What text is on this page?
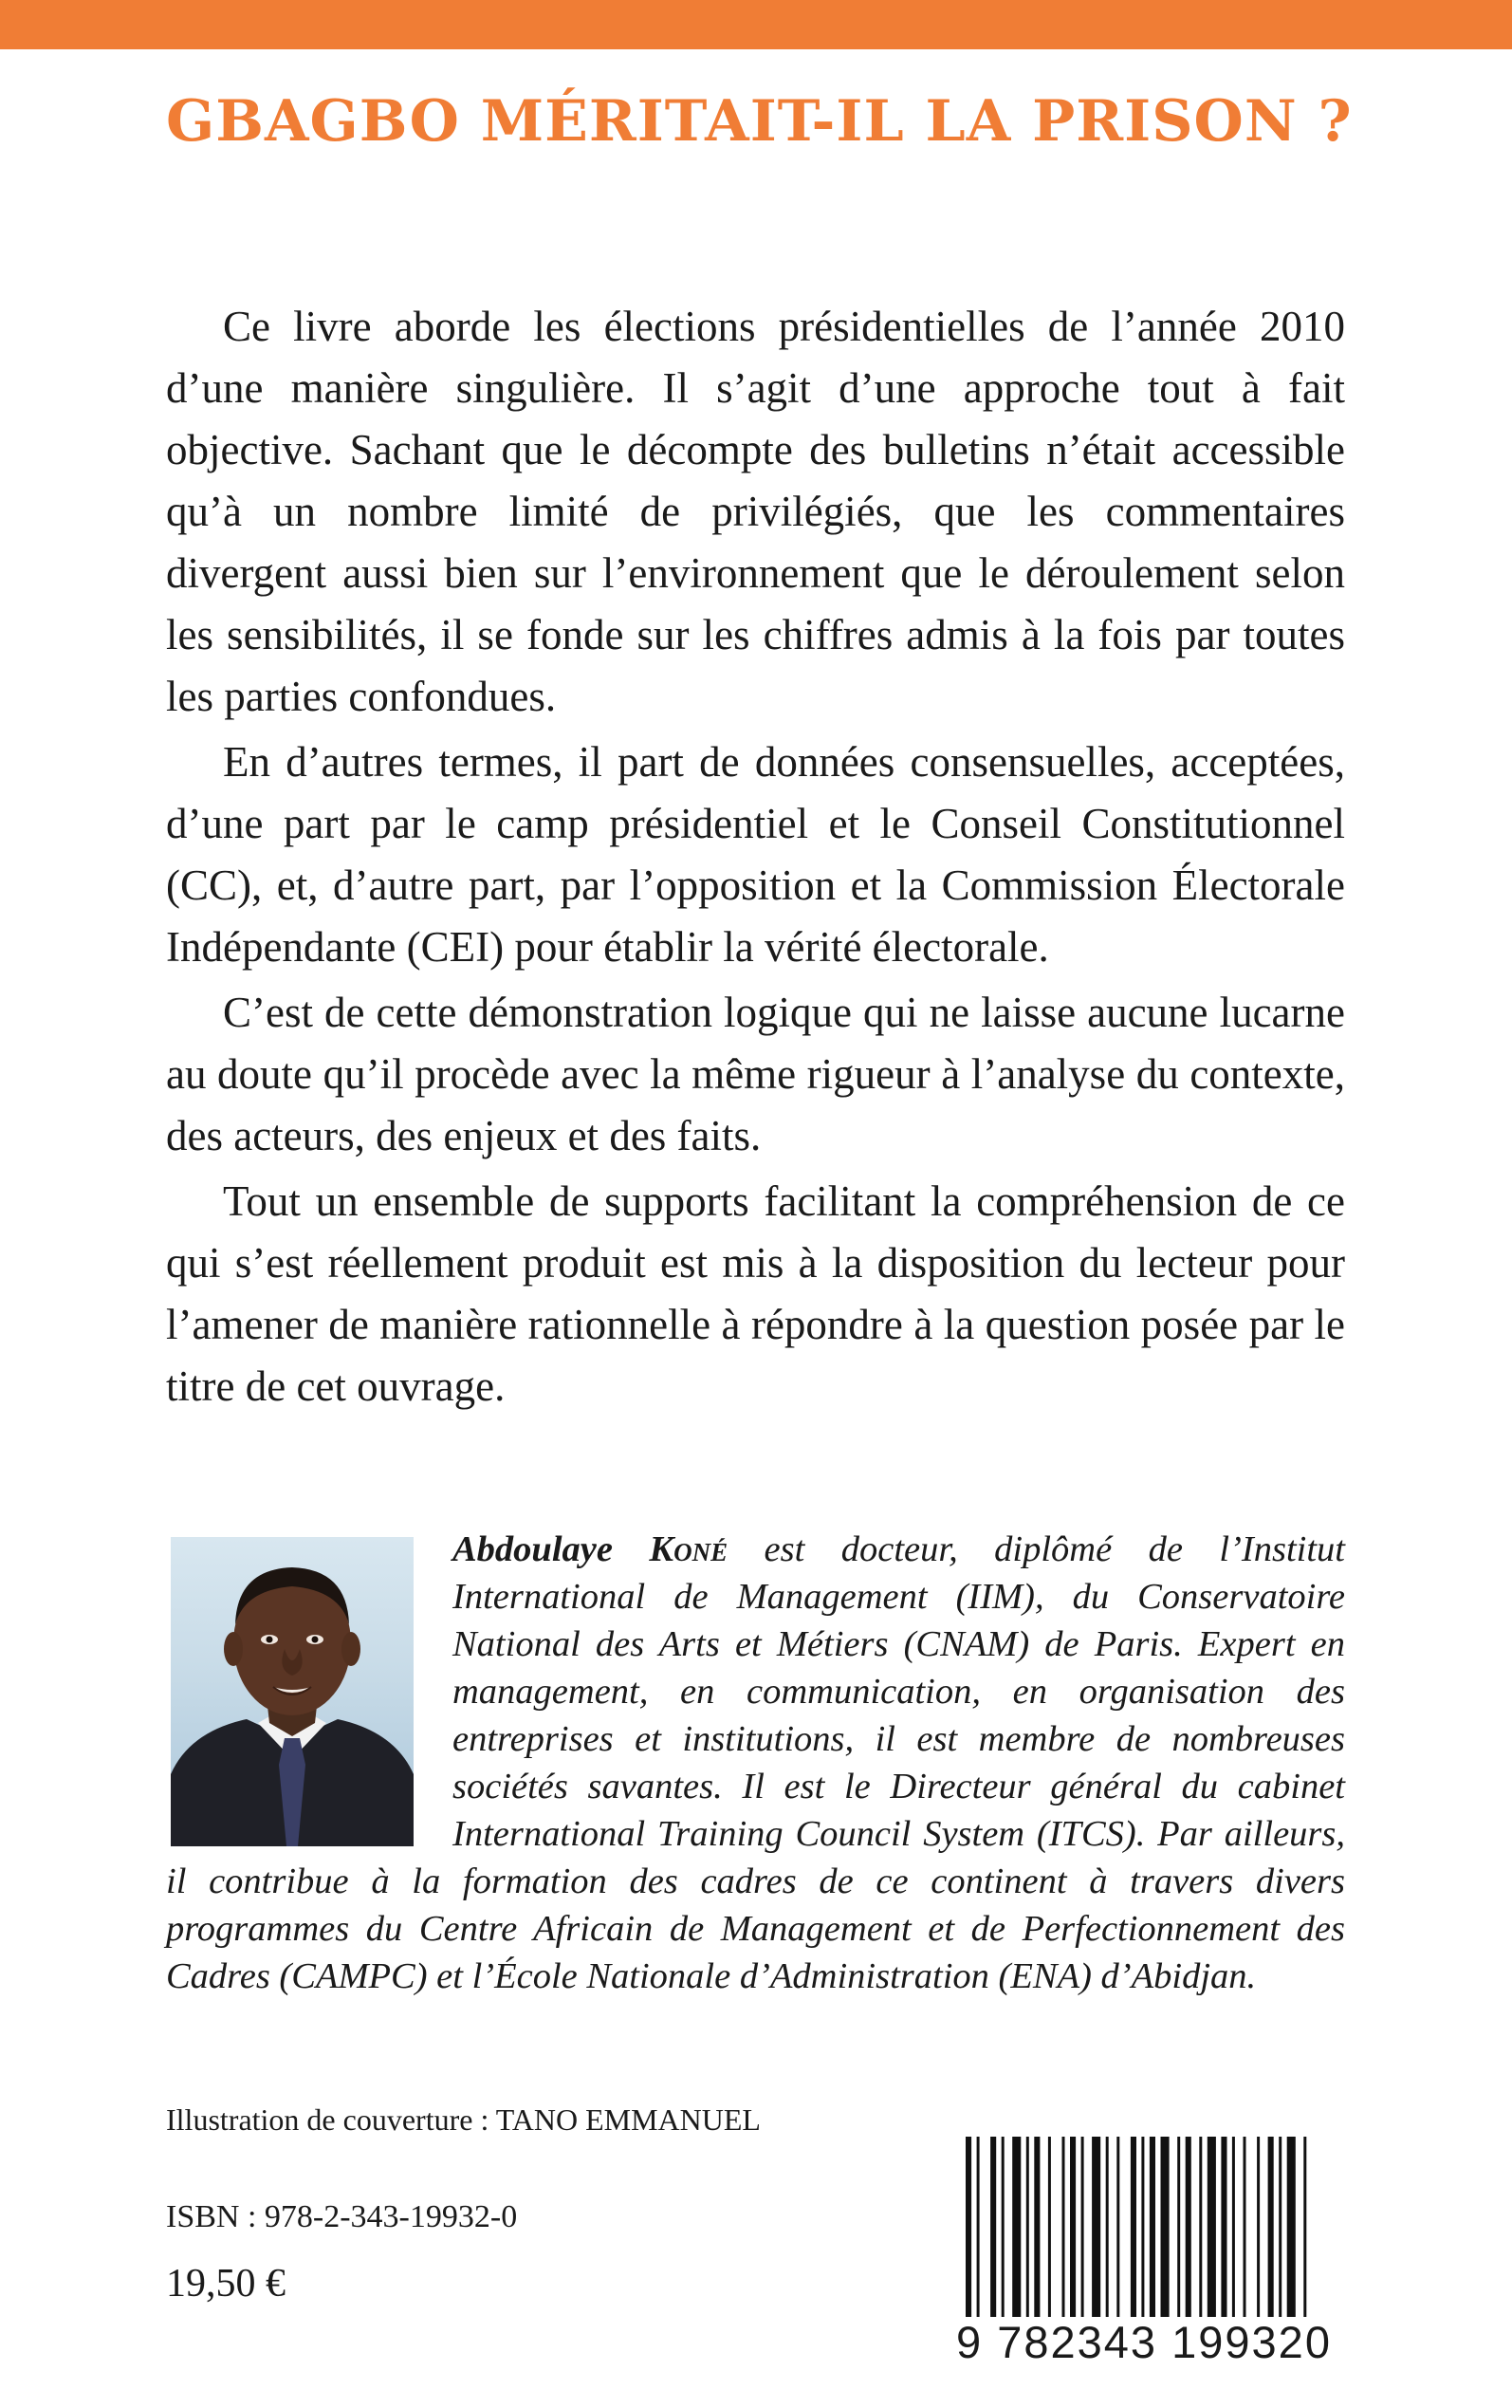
GBAGBO MÉRITAIT-IL LA PRISON ?

Ce livre aborde les élections présidentielles de l’année 2010 d’une manière singulière. Il s’agit d’une approche tout à fait objective. Sachant que le décompte des bulletins n’était accessible qu’à un nombre limité de privilégiés, que les commentaires divergent aussi bien sur l’environnement que le déroulement selon les sensibilités, il se fonde sur les chiffres admis à la fois par toutes les parties confondues.

En d’autres termes, il part de données consensuelles, acceptées, d’une part par le camp présidentiel et le Conseil Constitutionnel (CC), et, d’autre part, par l’opposition et la Commission Électorale Indépendante (CEI) pour établir la vérité électorale.

C’est de cette démonstration logique qui ne laisse aucune lucarne au doute qu’il procède avec la même rigueur à l’analyse du contexte, des acteurs, des enjeux et des faits.

Tout un ensemble de supports facilitant la compréhension de ce qui s’est réellement produit est mis à la disposition du lecteur pour l’amener de manière rationnelle à répondre à la question posée par le titre de cet ouvrage.

Abdoulaye Koné est docteur, diplômé de l’Institut International de Management (IIM), du Conservatoire National des Arts et Métiers (CNAM) de Paris. Expert en management, en communication, en organisation des entreprises et institutions, il est membre de nombreuses sociétés savantes. Il est le Directeur général du cabinet International Training Council System (ITCS). Par ailleurs, il contribue à la formation des cadres de ce continent à travers divers programmes du Centre Africain de Management et de Perfectionnement des Cadres (CAMPC) et l’École Nationale d’Administration (ENA) d’Abidjan.

Illustration de couverture : TANO EMMANUEL
ISBN : 978-2-343-19932-0
19,50 €
9 782343 199320
